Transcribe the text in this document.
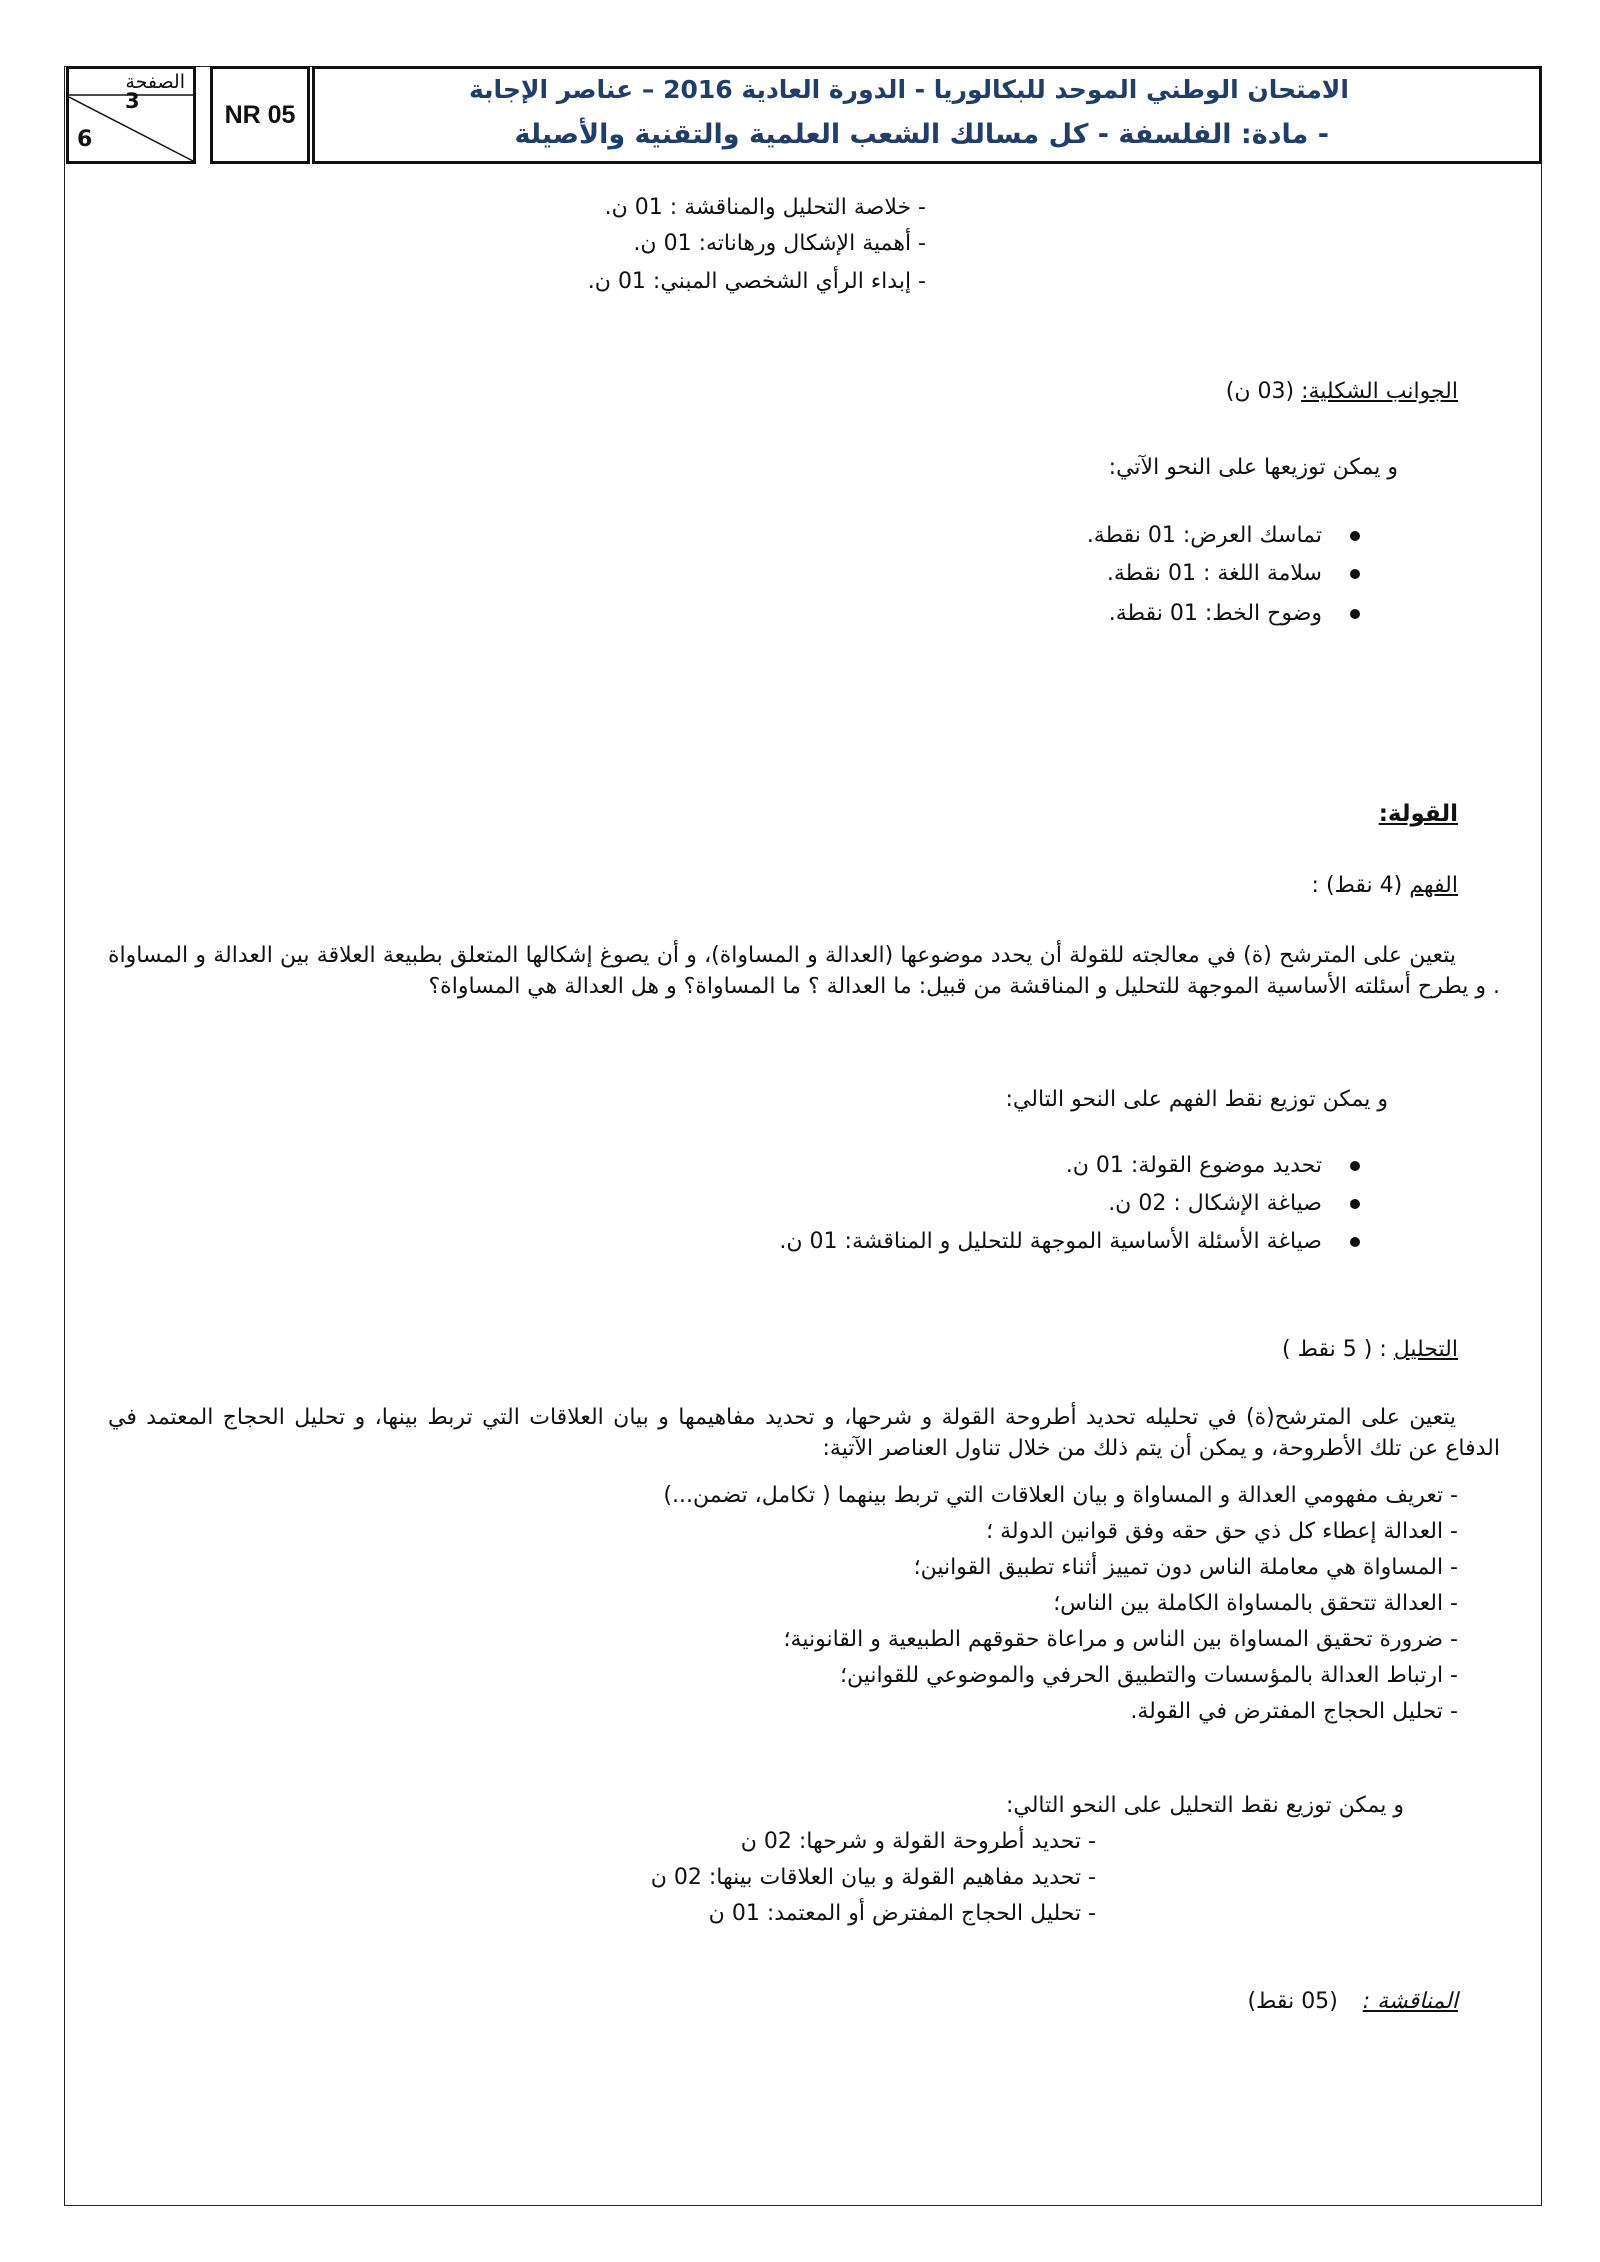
الصفحة
3
6
NR 05
الامتحان الوطني الموحد للبكالوريا - الدورة العادية 2016 – عناصر الإجابة
- مادة: الفلسفة - كل مسالك الشعب العلمية والتقنية والأصيلة
- خلاصة التحليل والمناقشة : 01 ن.
- أهمية الإشكال ورهاناته: 01 ن.
- إبداء الرأي الشخصي المبني: 01 ن.
الجوانب الشكلية: (03 ن)
و يمكن توزيعها على النحو الآتي:
تماسك العرض: 01 نقطة.
سلامة اللغة : 01 نقطة.
وضوح الخط: 01 نقطة.
القولة:
الفهم (4 نقط) :
يتعين على المترشح (ة) في معالجته للقولة أن يحدد موضوعها (العدالة و المساواة)، و أن يصوغ إشكالها المتعلق بطبيعة العلاقة بين العدالة و المساواة . و يطرح أسئلته الأساسية الموجهة للتحليل و المناقشة من قبيل: ما العدالة ؟ ما المساواة؟ و هل العدالة هي المساواة؟
و يمكن توزيع نقط الفهم على النحو التالي:
تحديد موضوع القولة: 01 ن.
صياغة الإشكال : 02 ن.
صياغة الأسئلة الأساسية الموجهة للتحليل و المناقشة: 01 ن.
التحليل : ( 5 نقط )
يتعين على المترشح(ة) في تحليله تحديد أطروحة القولة و شرحها، و تحديد مفاهيمها و بيان العلاقات التي تربط بينها، و تحليل الحجاج المعتمد في الدفاع عن تلك الأطروحة، و يمكن أن يتم ذلك من خلال تناول العناصر الآتية:
- تعريف مفهومي العدالة و المساواة و بيان العلاقات التي تربط بينهما ( تكامل، تضمن...)
- العدالة إعطاء كل ذي حق حقه وفق قوانين الدولة ؛
- المساواة هي معاملة الناس دون تمييز أثناء تطبيق القوانين؛
- العدالة تتحقق بالمساواة الكاملة بين الناس؛
- ضرورة تحقيق المساواة بين الناس و مراعاة حقوقهم الطبيعية و القانونية؛
- ارتباط العدالة بالمؤسسات والتطبيق الحرفي والموضوعي للقوانين؛
- تحليل الحجاج المفترض في القولة.
و يمكن توزيع نقط التحليل على النحو التالي:
- تحديد أطروحة القولة و شرحها: 02 ن
- تحديد مفاهيم القولة و بيان العلاقات بينها: 02 ن
- تحليل الحجاج المفترض أو المعتمد: 01 ن
المناقشة : (05 نقط)
